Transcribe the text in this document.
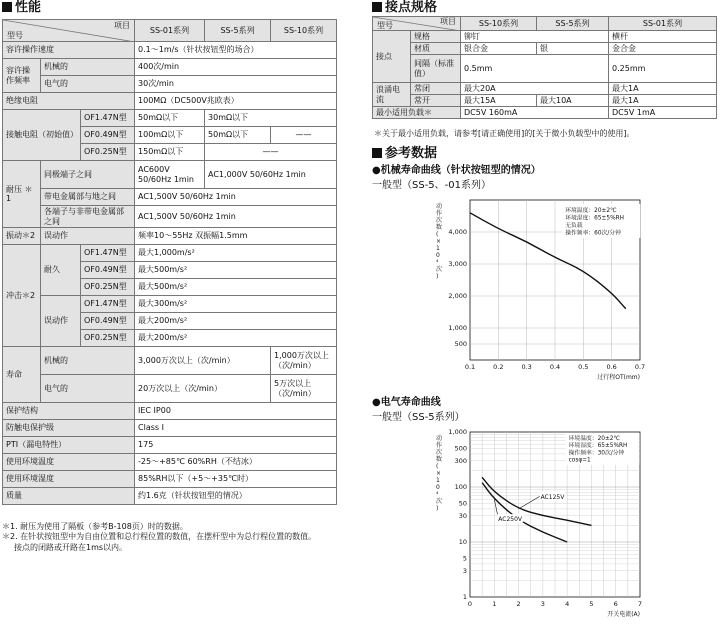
性能
项目
型号			SS-01系列	SS-5系列	SS-10系列
容许操作速度			0.1～1m/s（针状按钮型的场合）		
容许操作频率	机械的		400次/min		
	电气的		30次/min		
绝缘电阻			100MΩ（DC500V兆欧表）		
接触电阻（初始值）		OF1.47N型	50mΩ以下	30mΩ以下	
		OF0.49N型	100mΩ以下	50mΩ以下	——
		OF0.25N型	150mΩ以下	——	
耐压 ＊1	同极端子之间		AC600V 50/60Hz 1min	AC1,000V 50/60Hz 1min	
	带电金属部与地之间		AC1,500V 50/60Hz 1min		
	各端子与非带电金属部之间		AC1,500V 50/60Hz 1min		
振动＊2	误动作		频率10～55Hz 双振幅1.5mm		
冲击＊2	耐久	OF1.47N型	最大1,000m/s²		
		OF0.49N型	最大500m/s²		
		OF0.25N型	最大500m/s²		
	误动作	OF1.47N型	最大300m/s²		
		OF0.49N型	最大200m/s²		
		OF0.25N型	最大200m/s²		
寿命	机械的		3,000万次以上（次/min）		1,000万次以上（次/min）
	电气的		20万次以上（次/min）		5万次以上（次/min）
保护结构			IEC IP00		
防触电保护级			Class I		
PTI（漏电特性）			175		
使用环境温度			-25～+85℃ 60%RH（不结冰）		
使用环境湿度			85%RH以下（+5～+35℃时）		
质量			约1.6克（针状按钮型的情况）		
＊1. 耐压为使用了隔板（参考B-108页）时的数据。
＊2. 在针状按钮型中为自由位置和总行程位置的数值，在摆杆型中为总行程位置的数值。
接点的闭路或开路在1ms以内。
接点规格
项目
型号		SS-10系列	SS-5系列	SS-01系列
接点	规格	铆钉		横杆
	材质	银合金	银	金合金
	间隔（标准值）	0.5mm		0.25mm
浪涌电流	常闭	最大20A		最大1A
	常开	最大15A	最大10A	最大1A
最小适用负载＊		DC5V 160mA		DC5V 1mA
＊关于最小适用负载，请参考[请正确使用]的[关于微小负载型中的使用]。
参考数据
●机械寿命曲线（针状按钮型的情况）
一般型（SS-5、-01系列）
0.1	0.2	0.3	0.4	0.5	0.6	0.7
500
1,000
2,000
3,000
4,000
过行程OT(mm)
动作次数( × 1 0 ⁴ 次)
环境温度：20±2℃
环境湿度：65±5%RH
无负载
操作频率：60次/分钟
●电气寿命曲线
一般型（SS-5系列）
0	1	2	3	4	5	6	7
1,000
500
300
100
50
30
10
5
3
1
开关电流(A)
动作次数( × 1 0 ⁴ 次)
环境温度：20±2℃
环境湿度：65±5%RH
操作频率：30次/分钟
cosφ=1
AC125V
AC250V
